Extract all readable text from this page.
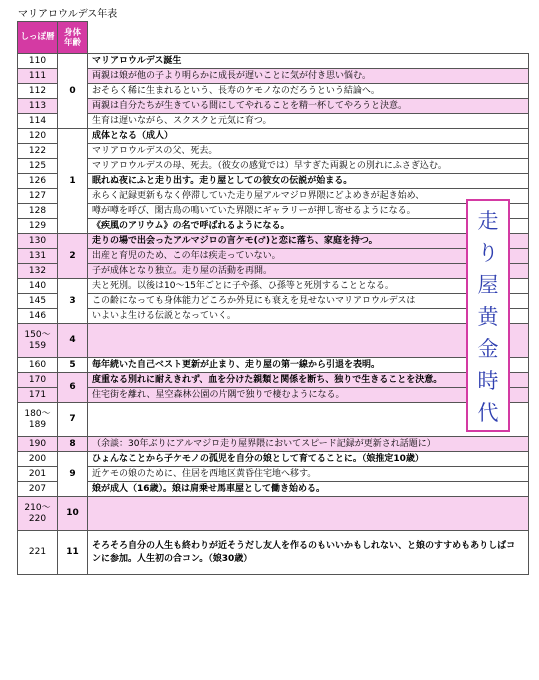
マリアロウルデス年表
しっぽ暦	身体
年齢	
110	0	マリアロウルデス誕生
111		両親は娘が他の子より明らかに成長が遅いことに気が付き思い悩む。
112		おそらく稀に生まれるという、長寿のケモノなのだろうという結論へ。
113		両親は自分たちが生きている間にしてやれることを精一杯してやろうと決意。
114		生育は遅いながら、スクスクと元気に育つ。
120	1	成体となる（成人）
122		マリアロウルデスの父、死去。
125		マリアロウルデスの母、死去。（彼女の感覚では）早すぎた両親との別れにふさぎ込む。
126		眠れぬ夜にふと走り出す。走り屋としての彼女の伝説が始まる。
127		永らく記録更新もなく停滞していた走り屋アルマジロ界隈にどよめきが起き始め、
128		噂が噂を呼び、閑古鳥の鳴いていた界隈にギャラリーが押し寄せるようになる。
129		《疾風のアリウム》の名で呼ばれるようになる。
130	2	走りの場で出会ったアルマジロの言ケモ(♂)と恋に落ち、家庭を持つ。
131		出産と育児のため、この年は疾走っていない。
132		子が成体となり独立。走り屋の活動を再開。
140	3	夫と死別。以後は10〜15年ごとに子や孫、ひ孫等と死別することとなる。
145		この齢になっても身体能力どころか外見にも衰えを見せないマリアロウルデスは
146		いよいよ生ける伝説となっていく。
150〜
159	4	
160	5	毎年続いた自己ベスト更新が止まり、走り屋の第一線から引退を表明。
170	6	度重なる別れに耐えきれず、血を分けた親類と関係を断ち、独りで生きることを決意。
171		住宅街を離れ、星空森林公園の片隅で独りで棲むようになる。
180〜
189	7	
190	8	（余談：30年ぶりにアルマジロ走り屋界隈においてスピード記録が更新され話題に）
200	9	ひょんなことから子ケモノの孤児を自分の娘として育てることに。（娘推定10歳）
201		近ケモの娘のために、住居を西地区黄昏住宅地へ移す。
207		娘が成人（16歳）。娘は肩乗せ馬車屋として働き始める。
210〜
220	10	
221	11	そろそろ自分の人生も終わりが近そうだし友人を作るのもいいかもしれない、と娘のすすめもありしばコンに参加。人生初の合コン。（娘30歳）
走
り
屋
黄
金
時
代
